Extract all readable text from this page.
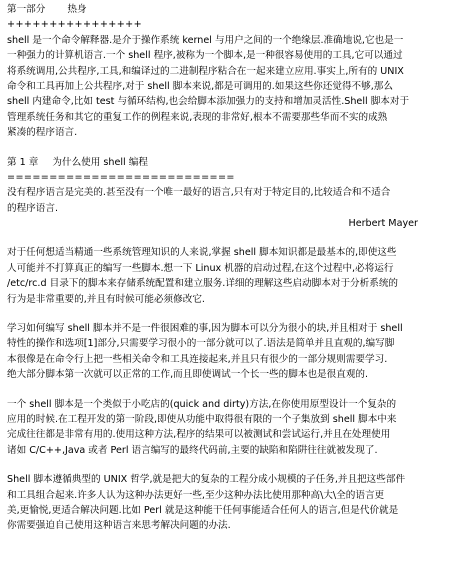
第一部分 热身
++++++++++++++++
shell 是一个命令解释器.是介于操作系统 kernel 与用户之间的一个绝缘层.准确地说,它也是一
一种强力的计算机语言.一个 shell 程序,被称为一个脚本,是一种很容易使用的工具,它可以通过
将系统调用,公共程序,工具,和编译过的二进制程序粘合在一起来建立应用.事实上,所有的 UNIX
命令和工具再加上公共程序,对于 shell 脚本来说,都是可调用的.如果这些你还觉得不够,那么
shell 内建命令,比如 test 与循环结构,也会给脚本添加强力的支持和增加灵活性.Shell 脚本对于
管理系统任务和其它的重复工作的例程来说,表现的非常好,根本不需要那些华而不实的成熟
紧凑的程序语言.
第 1 章 为什么使用 shell 编程
===========================
没有程序语言是完美的.甚至没有一个唯一最好的语言,只有对于特定目的,比较适合和不适合
的程序语言.
Herbert Mayer
对于任何想适当精通一些系统管理知识的人来说,掌握 shell 脚本知识都是最基本的,即使这些
人可能并不打算真正的编写一些脚本.想一下 Linux 机器的启动过程,在这个过程中,必将运行
/etc/rc.d 目录下的脚本来存储系统配置和建立服务.详细的理解这些启动脚本对于分析系统的
行为是非常重要的,并且有时候可能必须修改它.
学习如何编写 shell 脚本并不是一件很困难的事,因为脚本可以分为很小的块,并且相对于 shell
特性的操作和选项[1]部分,只需要学习很小的一部分就可以了.语法是简单并且直观的,编写脚
本很像是在命令行上把一些相关命令和工具连接起来,并且只有很少的一部分规则需要学习.
绝大部分脚本第一次就可以正常的工作,而且即使调试一个长一些的脚本也是很直观的.
一个 shell 脚本是一个类似于小吃店的(quick and dirty)方法,在你使用原型设计一个复杂的
应用的时候.在工程开发的第一阶段,即使从功能中取得很有限的一个子集放到 shell 脚本中来
完成往往都是非常有用的.使用这种方法,程序的结果可以被测试和尝试运行,并且在处理使用
诸如 C/C++,Java 或者 Perl 语言编写的最终代码前,主要的缺陷和陷阱往往就被发现了.
Shell 脚本遵循典型的 UNIX 哲学,就是把大的复杂的工程分成小规模的子任务,并且把这些部件
和工具组合起来.许多人认为这种办法更好一些,至少这种办法比使用那种高\大\全的语言更
美,更愉悦,更适合解决问题.比如 Perl 就是这种能干任何事能适合任何人的语言,但是代价就是
你需要强迫自己使用这种语言来思考解决问题的办法.
